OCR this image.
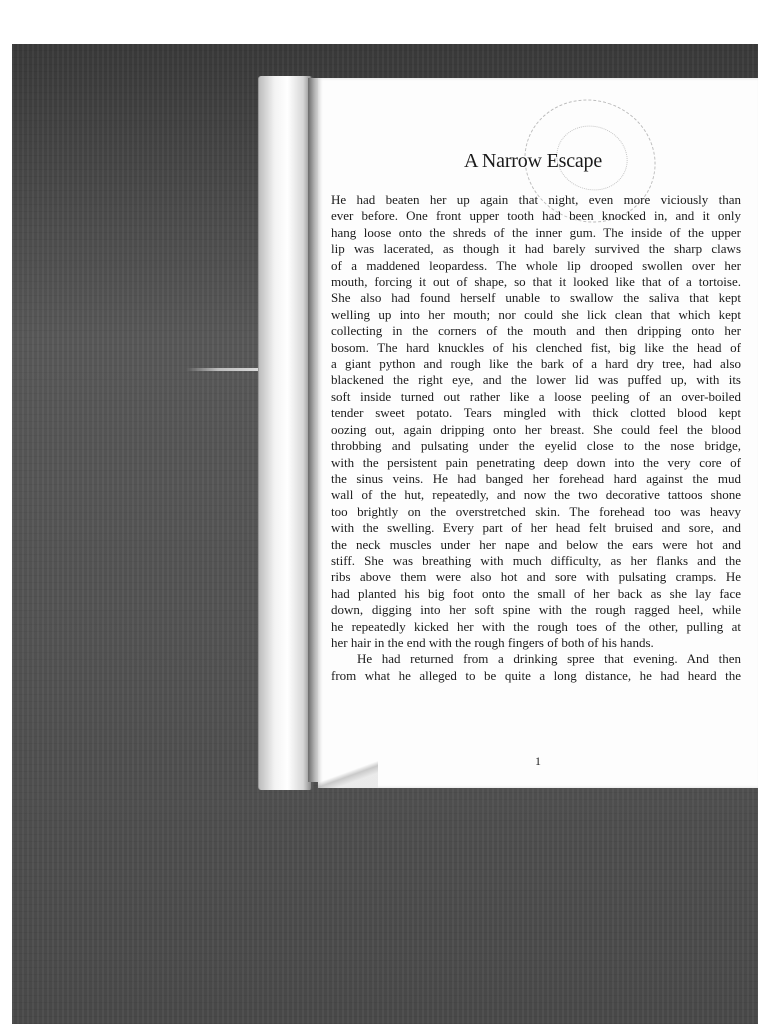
A Narrow Escape
He had beaten her up again that night, even more viciously than
ever before. One front upper tooth had been knocked in, and it only
hang loose onto the shreds of the inner gum. The inside of the upper
lip was lacerated, as though it had barely survived the sharp claws
of a maddened leopardess. The whole lip drooped swollen over her
mouth, forcing it out of shape, so that it looked like that of a tortoise.
She also had found herself unable to swallow the saliva that kept
welling up into her mouth; nor could she lick clean that which kept
collecting in the corners of the mouth and then dripping onto her
bosom. The hard knuckles of his clenched fist, big like the head of
a giant python and rough like the bark of a hard dry tree, had also
blackened the right eye, and the lower lid was puffed up, with its
soft inside turned out rather like a loose peeling of an over-boiled
tender sweet potato. Tears mingled with thick clotted blood kept
oozing out, again dripping onto her breast. She could feel the blood
throbbing and pulsating under the eyelid close to the nose bridge,
with the persistent pain penetrating deep down into the very core of
the sinus veins. He had banged her forehead hard against the mud
wall of the hut, repeatedly, and now the two decorative tattoos shone
too brightly on the overstretched skin. The forehead too was heavy
with the swelling. Every part of her head felt bruised and sore, and
the neck muscles under her nape and below the ears were hot and
stiff. She was breathing with much difficulty, as her flanks and the
ribs above them were also hot and sore with pulsating cramps. He
had planted his big foot onto the small of her back as she lay face
down, digging into her soft spine with the rough ragged heel, while
he repeatedly kicked her with the rough toes of the other, pulling at
her hair in the end with the rough fingers of both of his hands.
He had returned from a drinking spree that evening. And then
from what he alleged to be quite a long distance, he had heard the
1
